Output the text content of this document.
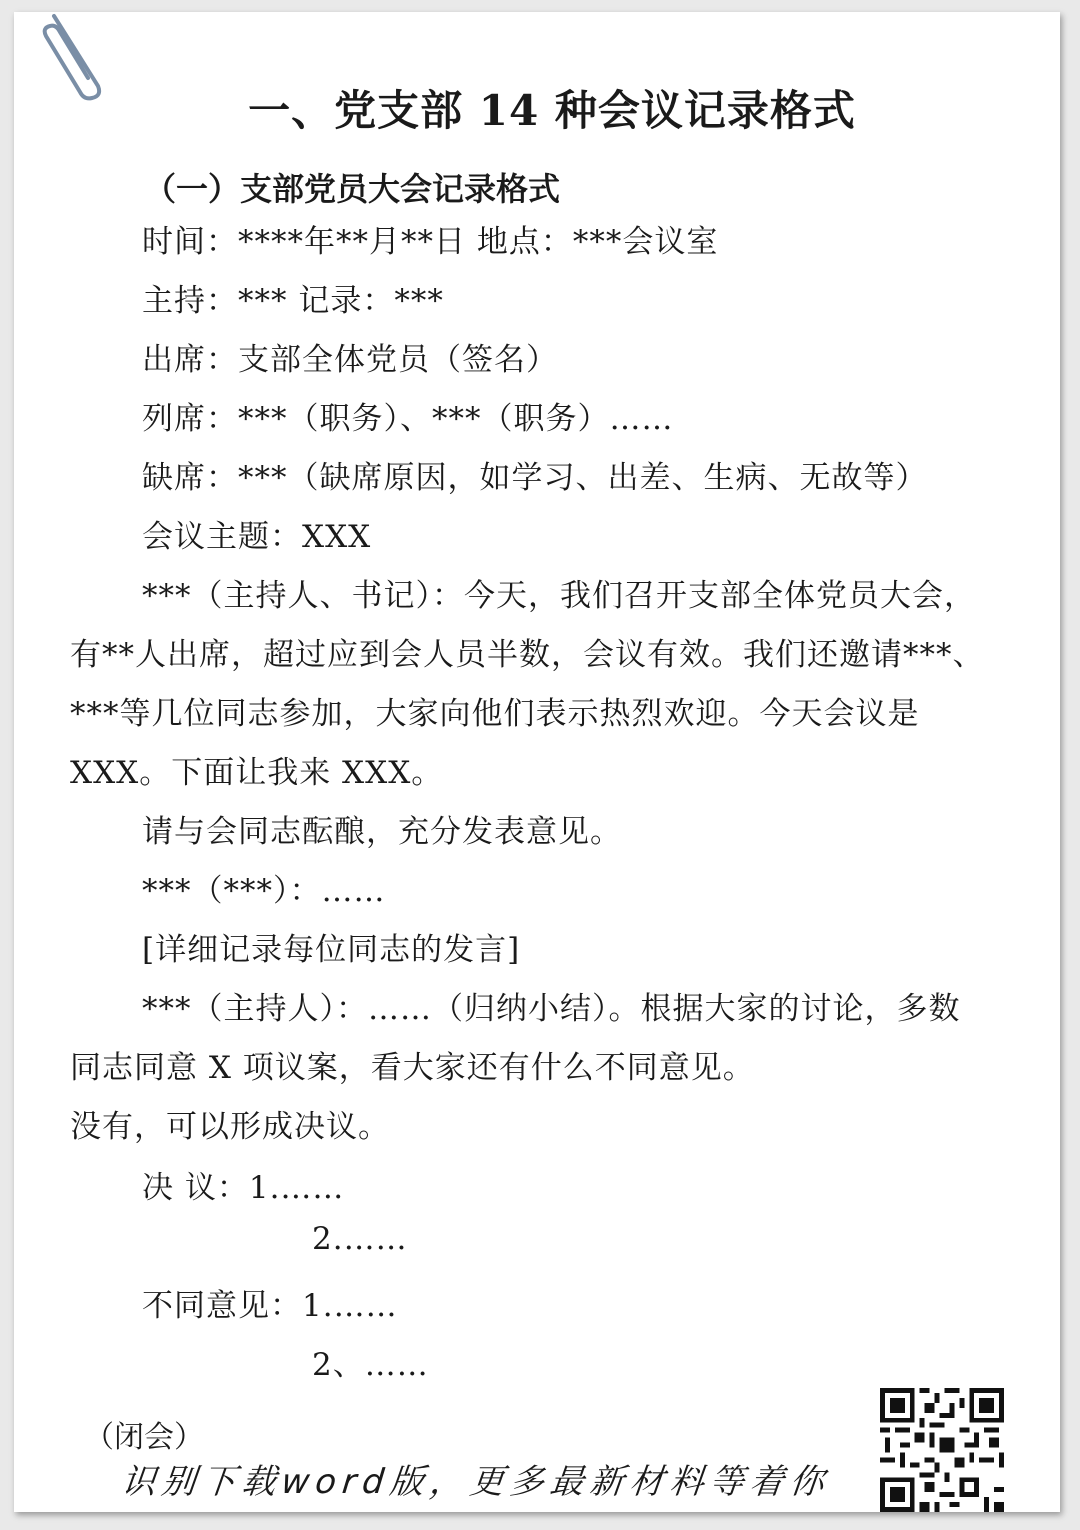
一、党支部 14 种会议记录格式
（一）支部党员大会记录格式
时间：****年**月**日 地点：***会议室
主持：*** 记录：***
出席：支部全体党员（签名）
列席：***（职务）、***（职务）……
缺席：***（缺席原因，如学习、出差、生病、无故等）
会议主题：XXX
***（主持人、书记）：今天，我们召开支部全体党员大会，
有**人出席，超过应到会人员半数，会议有效。我们还邀请***、
***等几位同志参加，大家向他们表示热烈欢迎。今天会议是
XXX。下面让我来 XXX。
请与会同志酝酿，充分发表意见。
***（***）：……
[详细记录每位同志的发言]
***（主持人）：……（归纳小结）。根据大家的讨论，多数
同志同意 X 项议案，看大家还有什么不同意见。
没有，可以形成决议。
决 议：1.……
2.……
不同意见：1.……
2、……
（闭会）
识别下载word版，更多最新材料等着你
